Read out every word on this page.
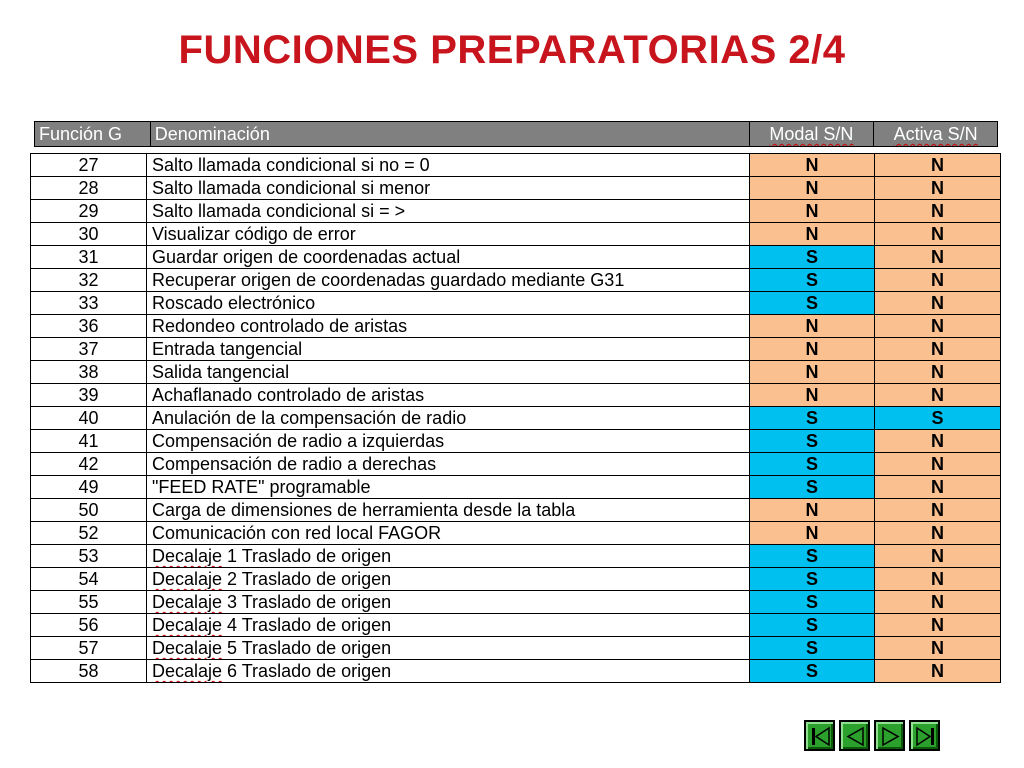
FUNCIONES PREPARATORIAS 2/4
Función G	Denominación	Modal S/N	Activa S/N
27	Salto llamada condicional si no = 0	N	N
28	Salto llamada condicional si menor	N	N
29	Salto llamada condicional si = >	N	N
30	Visualizar código de error	N	N
31	Guardar origen de coordenadas actual	S	N
32	Recuperar origen de coordenadas guardado mediante G31	S	N
33	Roscado electrónico	S	N
36	Redondeo controlado de aristas	N	N
37	Entrada tangencial	N	N
38	Salida tangencial	N	N
39	Achaflanado controlado de aristas	N	N
40	Anulación de la compensación de radio	S	S
41	Compensación de radio a izquierdas	S	N
42	Compensación de radio a derechas	S	N
49	"FEED RATE" programable	S	N
50	Carga de dimensiones de herramienta desde la tabla	N	N
52	Comunicación con red local FAGOR	N	N
53	Decalaje 1 Traslado de origen	S	N
54	Decalaje 2 Traslado de origen	S	N
55	Decalaje 3 Traslado de origen	S	N
56	Decalaje 4 Traslado de origen	S	N
57	Decalaje 5 Traslado de origen	S	N
58	Decalaje 6 Traslado de origen	S	N
